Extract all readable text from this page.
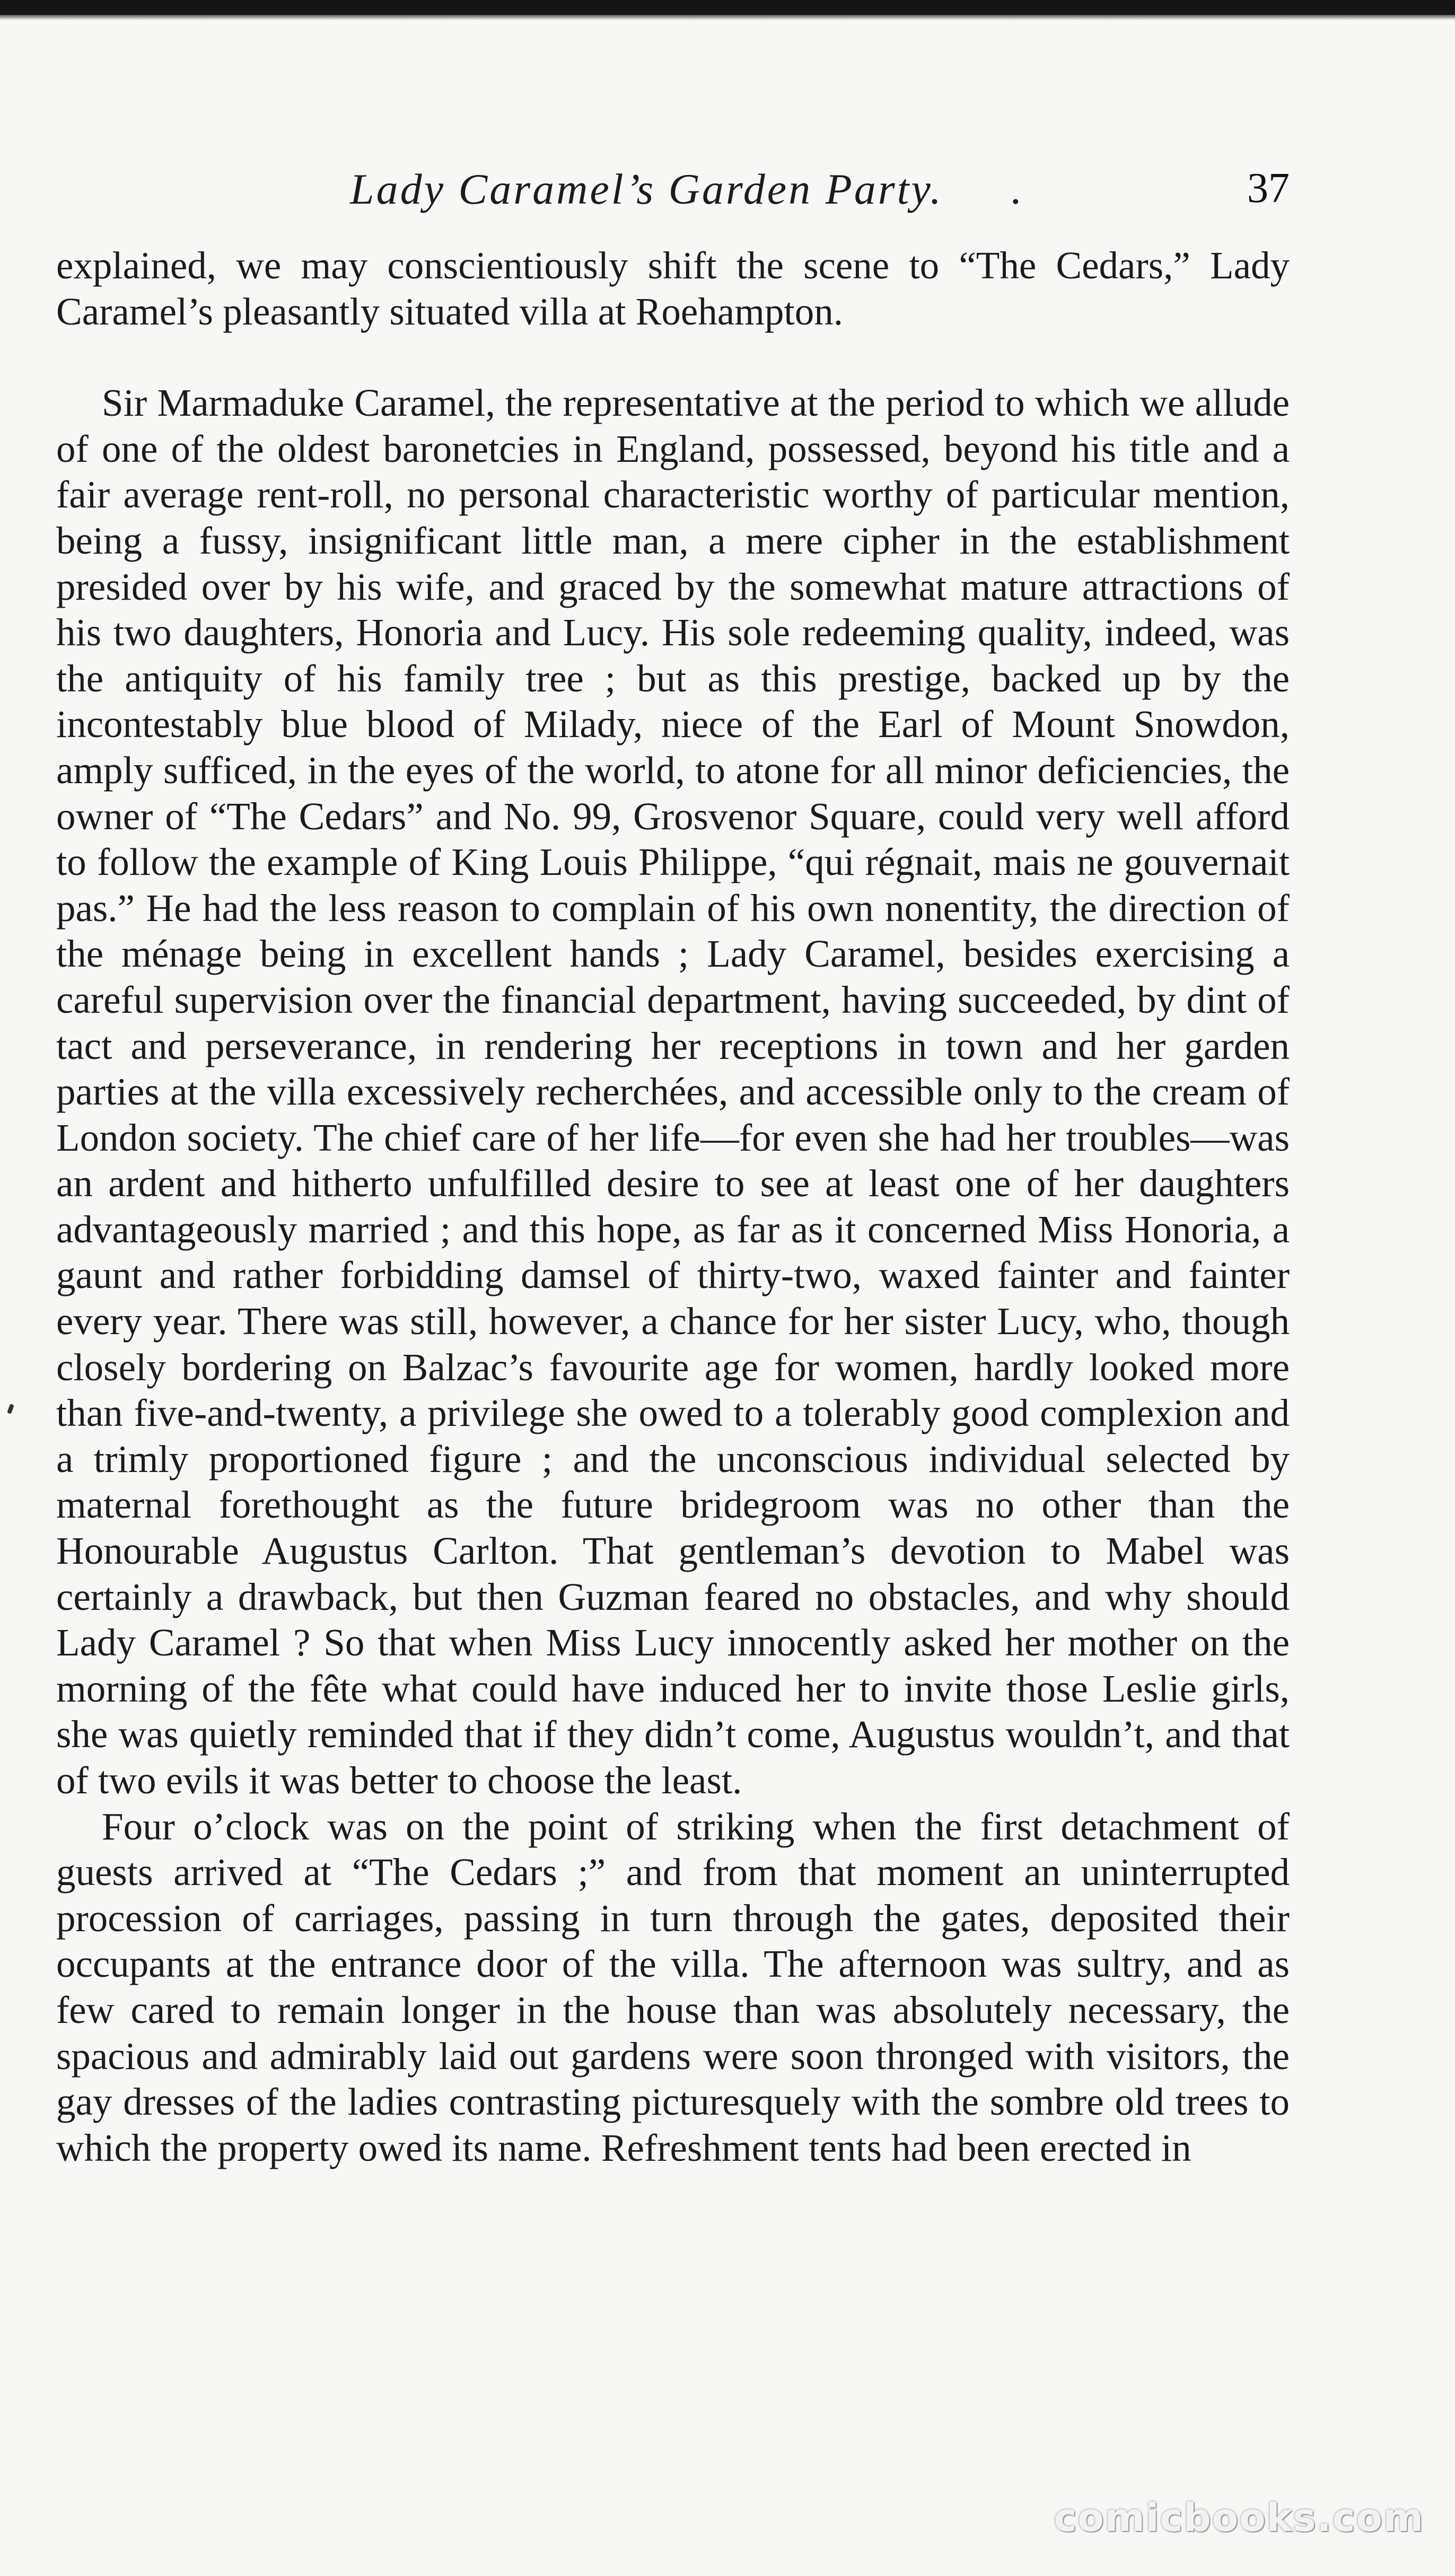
Lady Caramel’s Garden Party. .	37

explained, we may conscientiously shift the scene to “The Cedars,” Lady Caramel’s pleasantly situated villa at Roehampton.

Sir Marmaduke Caramel, the representative at the period to which we allude of one of the oldest baronetcies in England, possessed, beyond his title and a fair average rent-roll, no personal characteristic worthy of particular mention, being a fussy, insignificant little man, a mere cipher in the establishment presided over by his wife, and graced by the somewhat mature attractions of his two daughters, Honoria and Lucy. His sole redeeming quality, indeed, was the antiquity of his family tree ; but as this prestige, backed up by the incontestably blue blood of Milady, niece of the Earl of Mount Snowdon, amply sufficed, in the eyes of the world, to atone for all minor deficiencies, the owner of “The Cedars” and No. 99, Grosvenor Square, could very well afford to follow the example of King Louis Philippe, “qui régnait, mais ne gouvernait pas.” He had the less reason to complain of his own nonentity, the direction of the ménage being in excellent hands ; Lady Caramel, besides exercising a careful supervision over the financial department, having succeeded, by dint of tact and perseverance, in rendering her receptions in town and her garden parties at the villa excessively recherchées, and accessible only to the cream of London society. The chief care of her life—for even she had her troubles—was an ardent and hitherto unfulfilled desire to see at least one of her daughters advantageously married ; and this hope, as far as it concerned Miss Honoria, a gaunt and rather forbidding damsel of thirty-two, waxed fainter and fainter every year. There was still, however, a chance for her sister Lucy, who, though closely bordering on Balzac’s favourite age for women, hardly looked more than five-and-twenty, a privilege she owed to a tolerably good complexion and a trimly proportioned figure ; and the unconscious individual selected by maternal forethought as the future bridegroom was no other than the Honourable Augustus Carlton. That gentleman’s devotion to Mabel was certainly a drawback, but then Guzman feared no obstacles, and why should Lady Caramel ? So that when Miss Lucy innocently asked her mother on the morning of the fête what could have induced her to invite those Leslie girls, she was quietly reminded that if they didn’t come, Augustus wouldn’t, and that of two evils it was better to choose the least.

Four o’clock was on the point of striking when the first detachment of guests arrived at “The Cedars ;” and from that moment an uninterrupted procession of carriages, passing in turn through the gates, deposited their occupants at the entrance door of the villa. The afternoon was sultry, and as few cared to remain longer in the house than was absolutely necessary, the spacious and admirably laid out gardens were soon thronged with visitors, the gay dresses of the ladies contrasting picturesquely with the sombre old trees to which the property owed its name. Refreshment tents had been erected in

comicbooks.com
